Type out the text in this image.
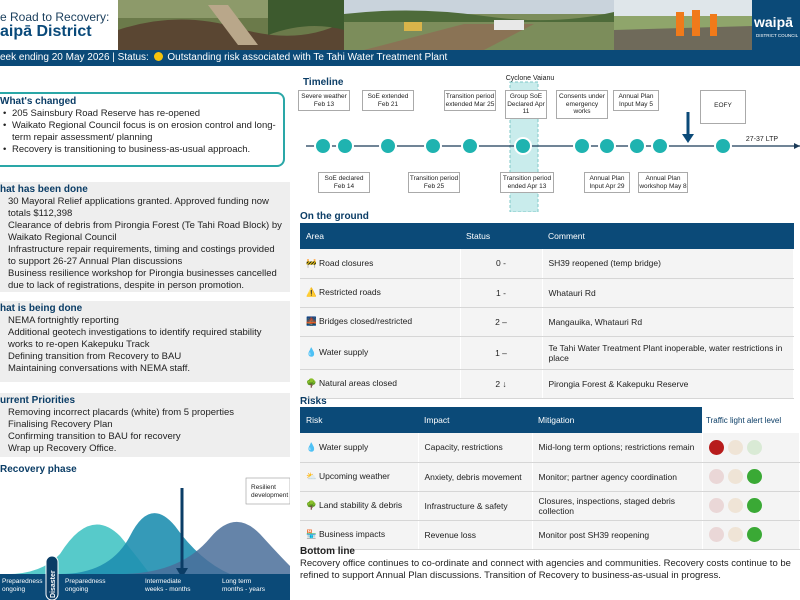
waipā
DISTRICT COUNCIL
e Road to Recovery:
aipā District
eek ending 20 May 2026 | Status: Outstanding risk associated with Te Tahi Water Treatment Plant
What's changed
• 205 Sainsbury Road Reserve has re-opened
• Waikato Regional Council focus is on erosion control and long-term repair assessment/ planning
• Recovery is transitioning to business-as-usual approach.
hat has been done
30 Mayoral Relief applications granted. Approved funding now totals $112,398
Clearance of debris from Pirongia Forest (Te Tahi Road Block) by Waikato Regional Council
Infrastructure repair requirements, timing and costings provided to support 26-27 Annual Plan discussions
Business resilience workshop for Pirongia businesses cancelled due to lack of registrations, despite in person promotion.
hat is being done
NEMA fortnightly reporting
Additional geotech investigations to identify required stability works to re-open Kakepuku Track
Defining transition from Recovery to BAU
Maintaining conversations with NEMA staff.
urrent Priorities
Removing incorrect placards (white) from 5 properties
Finalising Recovery Plan
Confirming transition to BAU for recovery
Wrap up Recovery Office.
Recovery phase
Disaster
Preparedness
ongoing
Preparedness
ongoing
Intermediate
weeks - months
Long term
months - years
Resilient
development
Timeline	Cyclone Vaianu
Severe weather Feb 13
SoE extended Feb 21
Transition period extended Mar 25
Group SoE Declared Apr 11
Consents under emergency works
Annual Plan Input May 5	EOFY
SoE declared Feb 14
Transition period Feb 25
Transition period ended Apr 13
Annual Plan Input Apr 29
Annual Plan workshop May 8
27-37 LTP
On the ground
Area	Status	Comment
🚧 Road closures	0 -	SH39 reopened (temp bridge)
⚠️ Restricted roads	1 -	Whatauri Rd
🌉 Bridges closed/restricted	2 –	Mangauika, Whatauri Rd
💧 Water supply	1 –	Te Tahi Water Treatment Plant inoperable, water restrictions in place
🌳 Natural areas closed	2 ↓	Pirongia Forest & Kakepuku Reserve
Risks
Risk	Impact	Mitigation	Traffic light alert level
💧 Water supply	Capacity, restrictions	Mid-long term options; restrictions remain	
⛅ Upcoming weather	Anxiety, debris movement	Monitor; partner agency coordination	
🌳 Land stability & debris	Infrastructure & safety	Closures, inspections, staged debris collection	
🏪 Business impacts	Revenue loss	Monitor post SH39 reopening	
Bottom line
Recovery office continues to co-ordinate and connect with agencies and communities. Recovery costs continue to be refined to support Annual Plan discussions. Transition of Recovery to business-as-usual in progress.
